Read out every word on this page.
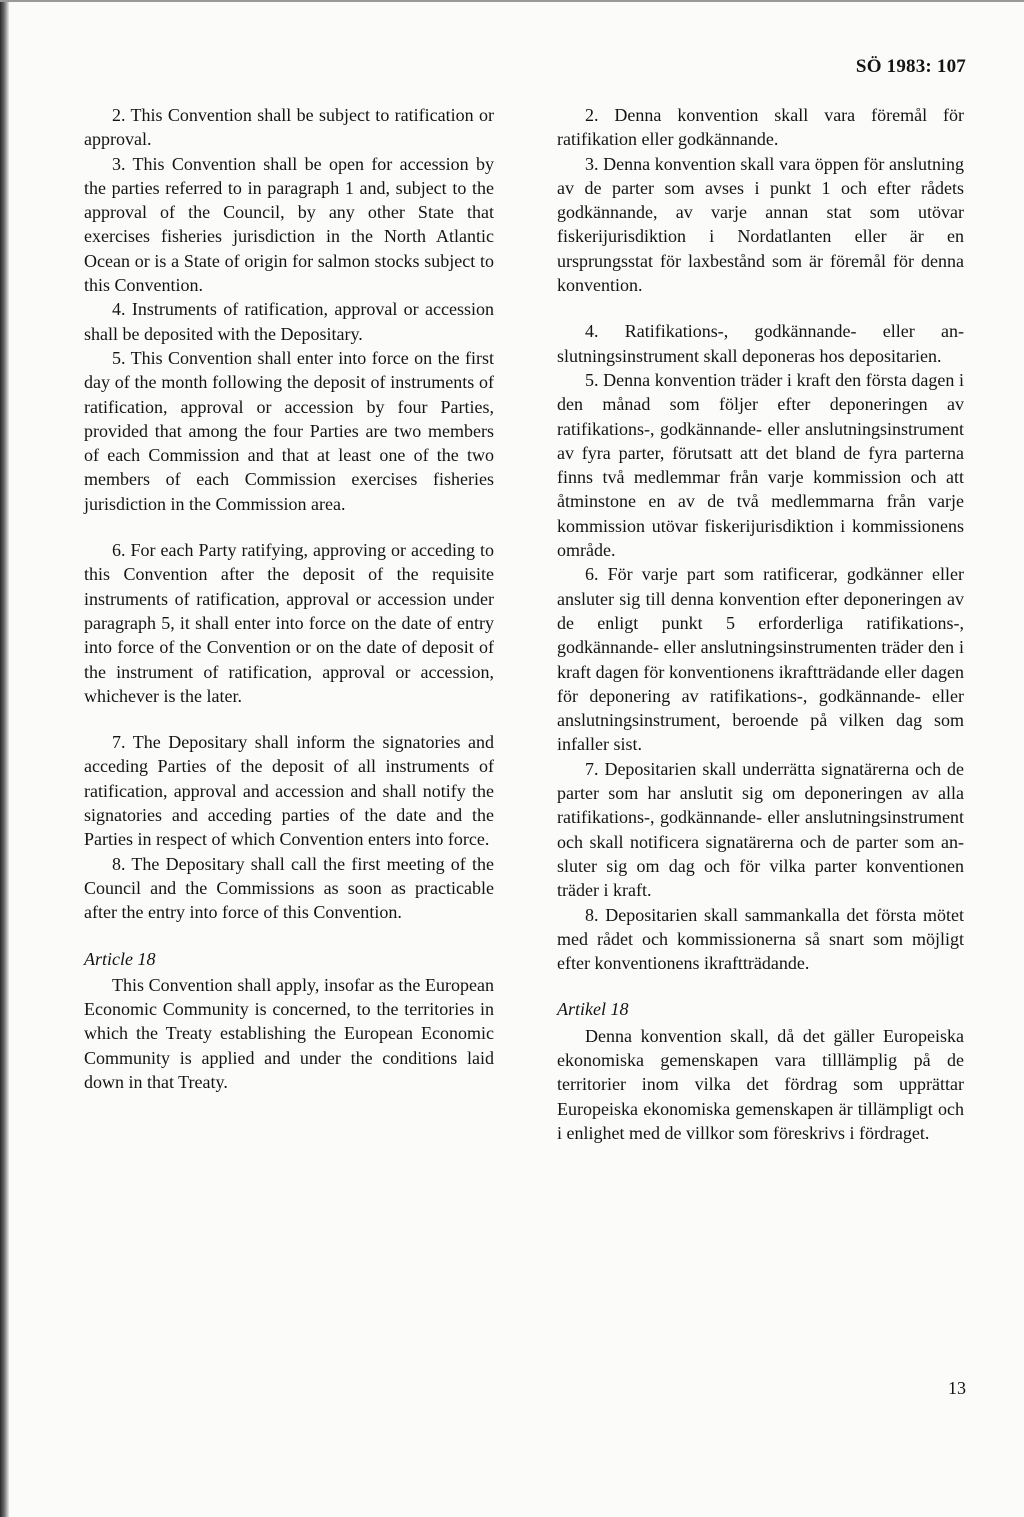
SÖ 1983: 107

2. This Convention shall be subject to ratification or approval.

3. This Convention shall be open for accession by the parties referred to in paragraph 1 and, subject to the approval of the Council, by any other State that exercises fisheries jurisdiction in the North Atlantic Ocean or is a State of origin for salmon stocks subject to this Convention.

4. Instruments of ratification, approval or accession shall be deposited with the Depositary.

5. This Convention shall enter into force on the first day of the month following the deposit of instruments of ratification, approval or accession by four Parties, provided that among the four Parties are two members of each Commission and that at least one of the two members of each Commission exercises fisheries jurisdiction in the Commission area.

6. For each Party ratifying, approving or acceding to this Convention after the deposit of the requisite instruments of ratification, approval or accession under paragraph 5, it shall enter into force on the date of entry into force of the Convention or on the date of deposit of the instrument of ratification, approval or accession, whichever is the later.

7. The Depositary shall inform the signatories and acceding Parties of the deposit of all instruments of ratification, approval and accession and shall notify the signatories and acceding parties of the date and the Parties in respect of which Convention enters into force.

8. The Depositary shall call the first meeting of the Council and the Commissions as soon as practicable after the entry into force of this Convention.

Article 18

This Convention shall apply, insofar as the European Economic Community is concerned, to the territories in which the Treaty establishing the European Economic Community is applied and under the conditions laid down in that Treaty.

2. Denna konvention skall vara föremål för ratifikation eller godkännande.

3. Denna konvention skall vara öppen för anslutning av de parter som avses i punkt 1 och efter rådets godkännande, av varje annan stat som utövar fiskerijurisdiktion i Nordatlanten eller är en ursprungsstat för laxbestånd som är föremål för denna konvention.

4. Ratifikations-, godkännande- eller anslutningsinstrument skall deponeras hos depositarien.

5. Denna konvention träder i kraft den första dagen i den månad som följer efter deponeringen av ratifikations-, godkännande- eller anslutningsinstrument av fyra parter, förutsatt att det bland de fyra parterna finns två medlemmar från varje kommission och att åtminstone en av de två medlemmarna från varje kommission utövar fiskerijurisdiktion i kommissionens område.

6. För varje part som ratificerar, godkänner eller ansluter sig till denna konvention efter deponeringen av de enligt punkt 5 erforderliga ratifikations-, godkännande- eller anslutningsinstrumenten träder den i kraft dagen för konventionens ikraftträdande eller dagen för deponering av ratifikations-, godkännande- eller anslutningsinstrument, beroende på vilken dag som infaller sist.

7. Depositarien skall underrätta signatärerna och de parter som har anslutit sig om deponeringen av alla ratifikations-, godkännande- eller anslutningsinstrument och skall notificera signatärerna och de parter som ansluter sig om dag och för vilka parter konventionen träder i kraft.

8. Depositarien skall sammankalla det första mötet med rådet och kommissionerna så snart som möjligt efter konventionens ikraftträdande.

Artikel 18

Denna konvention skall, då det gäller Europeiska ekonomiska gemenskapen vara tilllämplig på de territorier inom vilka det fördrag som upprättar Europeiska ekonomiska gemenskapen är tillämpligt och i enlighet med de villkor som föreskrivs i fördraget.

13
